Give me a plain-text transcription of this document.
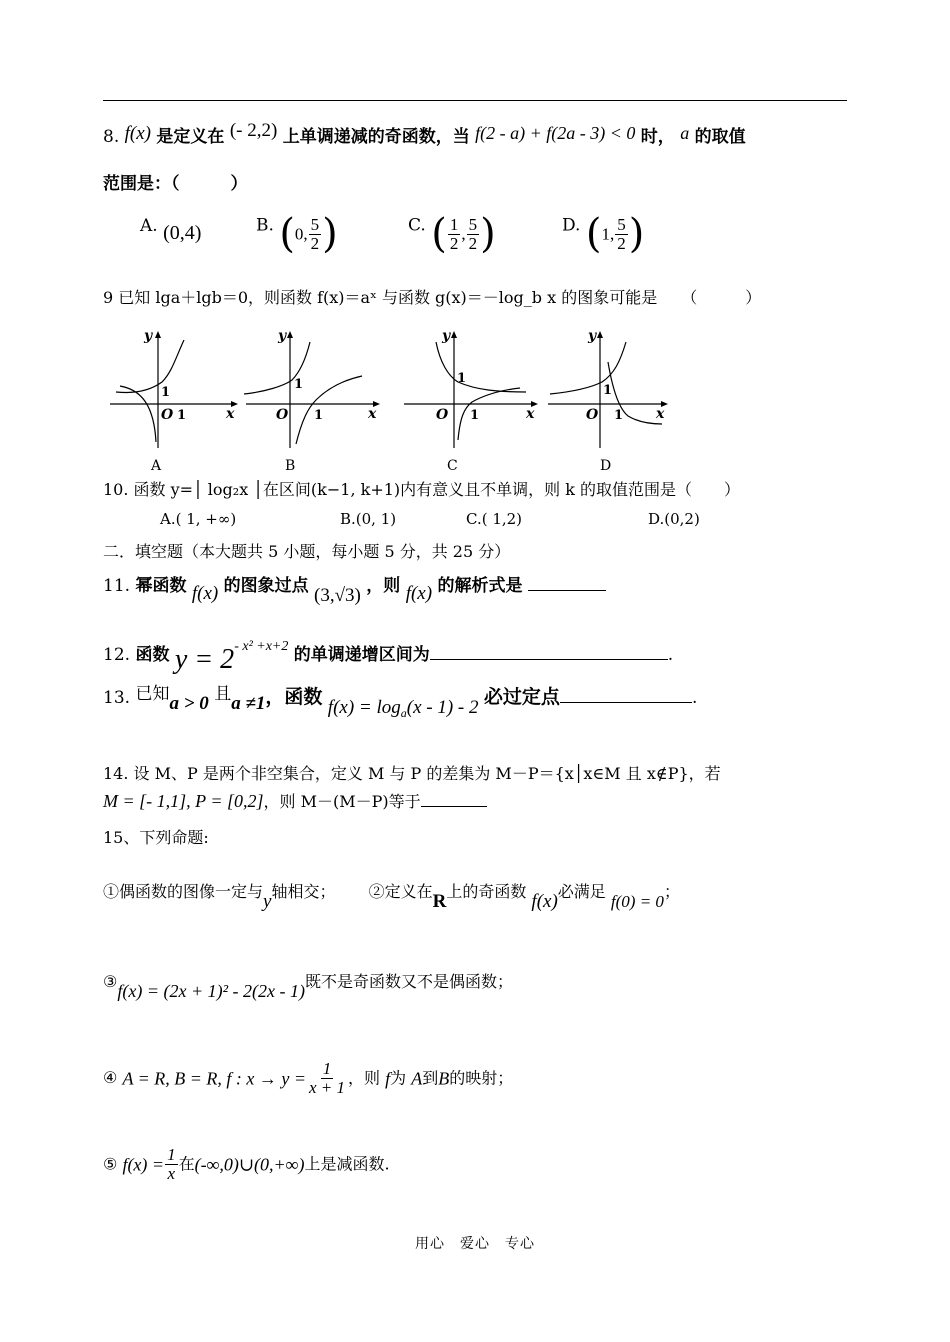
8. f(x) 是定义在 (- 2,2) 上单调递减的奇函数，当 f(2 - a) + f(2a - 3) < 0 时， a 的取值
范围是：（　　　）
A. (0,4)	B. (0, $\frac{5}{2}$ )	C. ( $\frac{1}{2}$ , $\frac{5}{2}$ )	D. (1, $\frac{5}{2}$ )
9 已知 lga＋lgb＝0，则函数 f(x)＝aˣ 与函数 g(x)＝－log_b x 的图象可能是　　（　　　）
y
x
1
O 1
y
x
1
O 1
y
x
1
O 1
y
x
1
O 1
A	B	C	D
10. 函数 y=│ log₂x │在区间(k−1, k+1)内有意义且不单调，则 k 的取值范围是（　　）
A.( 1, +∞)	B.(0, 1)	C.( 1,2)	D.(0,2)
二．填空题（本大题共 5 小题，每小题 5 分，共 25 分）
11. 幂函数 f(x) 的图象过点 (3,√3) ，则 f(x) 的解析式是
12. 函数 $y = 2^{- x^2 +x+2}$ 的单调递增区间为	.
13. 已知a > 0 且a ≠1，函数 $f(x) = \log_a(x - 1) - 2$ 必过定点	.
14. 设 M、P 是两个非空集合，定义 M 与 P 的差集为 M－P＝{x│x∈M 且 x∉P}，若
M = [- 1,1], P = [0,2]，则 M－(M－P)等于
15、下列命题:
①偶函数的图像一定与y轴相交； ②定义在R上的奇函数 f(x)必满足 f(0) = 0；
③f(x) = (2x + 1)² - 2(2x - 1)既不是奇函数又不是偶函数；
④ A = R, B = R, f : $x \to y = \frac{1}{x + 1}$ ，则 f为 A到B的映射；
⑤ $f(x) = \frac{1}{x}$ 在(-∞,0)∪(0,+∞)上是减函数.
用心　爱心　专心
